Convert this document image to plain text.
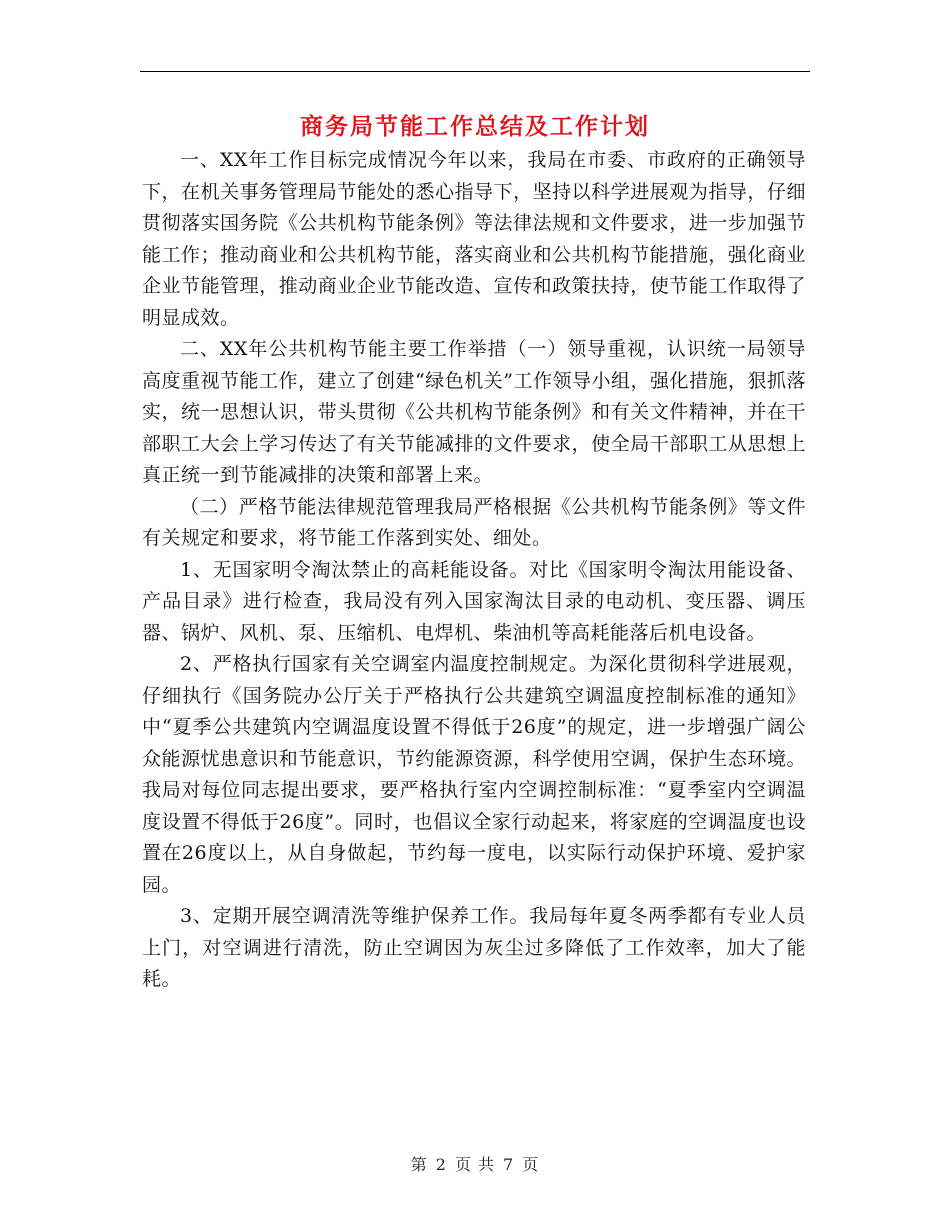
商务局节能工作总结及工作计划

一、XX年工作目标完成情况今年以来，我局在市委、市政府的正确领导下，在机关事务管理局节能处的悉心指导下，坚持以科学进展观为指导，仔细贯彻落实国务院《公共机构节能条例》等法律法规和文件要求，进一步加强节能工作；推动商业和公共机构节能，落实商业和公共机构节能措施，强化商业企业节能管理，推动商业企业节能改造、宣传和政策扶持，使节能工作取得了明显成效。

二、XX年公共机构节能主要工作举措（一）领导重视，认识统一局领导高度重视节能工作，建立了创建“绿色机关”工作领导小组，强化措施，狠抓落实，统一思想认识，带头贯彻《公共机构节能条例》和有关文件精神，并在干部职工大会上学习传达了有关节能减排的文件要求，使全局干部职工从思想上真正统一到节能减排的决策和部署上来。

（二）严格节能法律规范管理我局严格根据《公共机构节能条例》等文件有关规定和要求，将节能工作落到实处、细处。

1、无国家明令淘汰禁止的高耗能设备。对比《国家明令淘汰用能设备、产品目录》进行检查，我局没有列入国家淘汰目录的电动机、变压器、调压器、锅炉、风机、泵、压缩机、电焊机、柴油机等高耗能落后机电设备。

2、严格执行国家有关空调室内温度控制规定。为深化贯彻科学进展观，仔细执行《国务院办公厅关于严格执行公共建筑空调温度控制标准的通知》中“夏季公共建筑内空调温度设置不得低于26度”的规定，进一步增强广阔公众能源忧患意识和节能意识，节约能源资源，科学使用空调，保护生态环境。我局对每位同志提出要求，要严格执行室内空调控制标准：“夏季室内空调温度设置不得低于26度”。同时，也倡议全家行动起来，将家庭的空调温度也设置在26度以上，从自身做起，节约每一度电，以实际行动保护环境、爱护家园。

3、定期开展空调清洗等维护保养工作。我局每年夏冬两季都有专业人员上门，对空调进行清洗，防止空调因为灰尘过多降低了工作效率，加大了能耗。

第 2 页 共 7 页
